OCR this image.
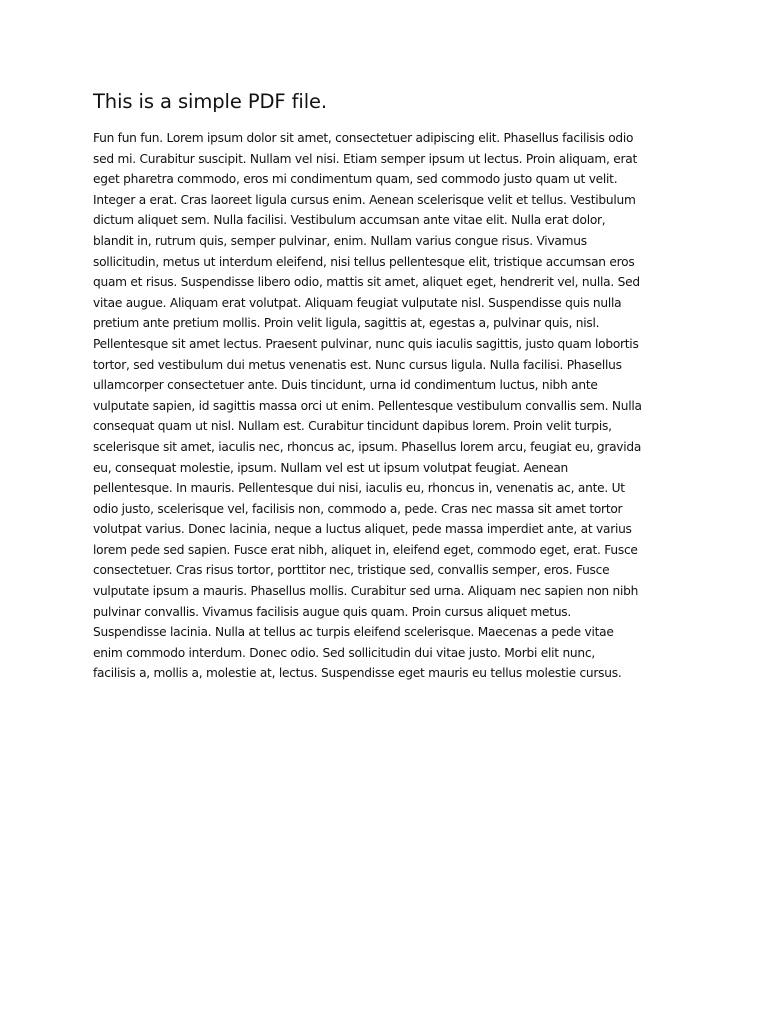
This is a simple PDF file.

Fun fun fun. Lorem ipsum dolor sit amet, consectetuer adipiscing elit. Phasellus facilisis odio
sed mi. Curabitur suscipit. Nullam vel nisi. Etiam semper ipsum ut lectus. Proin aliquam, erat
eget pharetra commodo, eros mi condimentum quam, sed commodo justo quam ut velit.
Integer a erat. Cras laoreet ligula cursus enim. Aenean scelerisque velit et tellus. Vestibulum
dictum aliquet sem. Nulla facilisi. Vestibulum accumsan ante vitae elit. Nulla erat dolor,
blandit in, rutrum quis, semper pulvinar, enim. Nullam varius congue risus. Vivamus
sollicitudin, metus ut interdum eleifend, nisi tellus pellentesque elit, tristique accumsan eros
quam et risus. Suspendisse libero odio, mattis sit amet, aliquet eget, hendrerit vel, nulla. Sed
vitae augue. Aliquam erat volutpat. Aliquam feugiat vulputate nisl. Suspendisse quis nulla
pretium ante pretium mollis. Proin velit ligula, sagittis at, egestas a, pulvinar quis, nisl.
Pellentesque sit amet lectus. Praesent pulvinar, nunc quis iaculis sagittis, justo quam lobortis
tortor, sed vestibulum dui metus venenatis est. Nunc cursus ligula. Nulla facilisi. Phasellus
ullamcorper consectetuer ante. Duis tincidunt, urna id condimentum luctus, nibh ante
vulputate sapien, id sagittis massa orci ut enim. Pellentesque vestibulum convallis sem. Nulla
consequat quam ut nisl. Nullam est. Curabitur tincidunt dapibus lorem. Proin velit turpis,
scelerisque sit amet, iaculis nec, rhoncus ac, ipsum. Phasellus lorem arcu, feugiat eu, gravida
eu, consequat molestie, ipsum. Nullam vel est ut ipsum volutpat feugiat. Aenean
pellentesque. In mauris. Pellentesque dui nisi, iaculis eu, rhoncus in, venenatis ac, ante. Ut
odio justo, scelerisque vel, facilisis non, commodo a, pede. Cras nec massa sit amet tortor
volutpat varius. Donec lacinia, neque a luctus aliquet, pede massa imperdiet ante, at varius
lorem pede sed sapien. Fusce erat nibh, aliquet in, eleifend eget, commodo eget, erat. Fusce
consectetuer. Cras risus tortor, porttitor nec, tristique sed, convallis semper, eros. Fusce
vulputate ipsum a mauris. Phasellus mollis. Curabitur sed urna. Aliquam nec sapien non nibh
pulvinar convallis. Vivamus facilisis augue quis quam. Proin cursus aliquet metus.
Suspendisse lacinia. Nulla at tellus ac turpis eleifend scelerisque. Maecenas a pede vitae
enim commodo interdum. Donec odio. Sed sollicitudin dui vitae justo. Morbi elit nunc,
facilisis a, mollis a, molestie at, lectus. Suspendisse eget mauris eu tellus molestie cursus.
